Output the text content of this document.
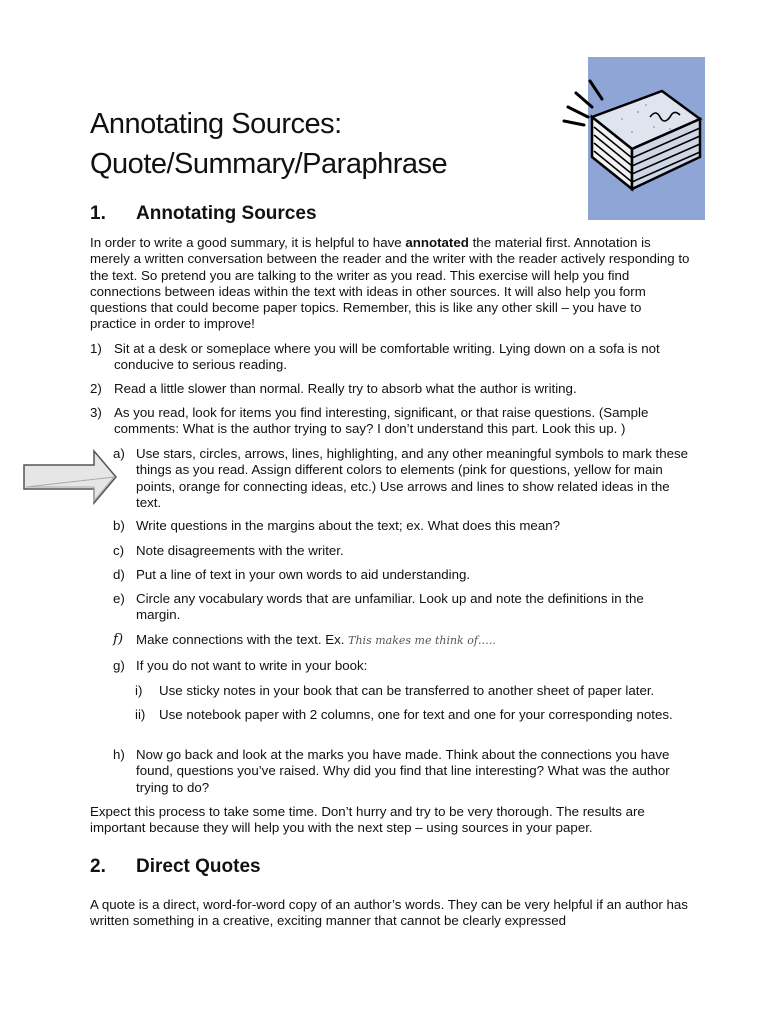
Annotating Sources:
Quote/Summary/Paraphrase
1. Annotating Sources

In order to write a good summary, it is helpful to have annotated the material first. Annotation is merely a written conversation between the reader and the writer with the reader actively responding to the text. So pretend you are talking to the writer as you read. This exercise will help you find connections between ideas within the text with ideas in other sources. It will also help you form questions that could become paper topics. Remember, this is like any other skill – you have to practice in order to improve!

1) Sit at a desk or someplace where you will be comfortable writing. Lying down on a sofa is not conducive to serious reading.

2) Read a little slower than normal. Really try to absorb what the author is writing.

3) As you read, look for items you find interesting, significant, or that raise questions. (Sample comments: What is the author trying to say? I don’t understand this part. Look this up. )

a) Use stars, circles, arrows, lines, highlighting, and any other meaningful symbols to mark these things as you read. Assign different colors to elements (pink for questions, yellow for main points, orange for connecting ideas, etc.) Use arrows and lines to show related ideas in the text.

b) Write questions in the margins about the text; ex. What does this mean?

c) Note disagreements with the writer.

d) Put a line of text in your own words to aid understanding.

e) Circle any vocabulary words that are unfamiliar. Look up and note the definitions in the margin.

f) Make connections with the text. Ex. This makes me think of…..

g) If you do not want to write in your book:

i) Use sticky notes in your book that can be transferred to another sheet of paper later.

ii) Use notebook paper with 2 columns, one for text and one for your corresponding notes.

h) Now go back and look at the marks you have made. Think about the connections you have found, questions you’ve raised. Why did you find that line interesting? What was the author trying to do?

Expect this process to take some time. Don’t hurry and try to be very thorough. The results are important because they will help you with the next step – using sources in your paper.

2. Direct Quotes

A quote is a direct, word-for-word copy of an author’s words. They can be very helpful if an author has written something in a creative, exciting manner that cannot be clearly expressed
